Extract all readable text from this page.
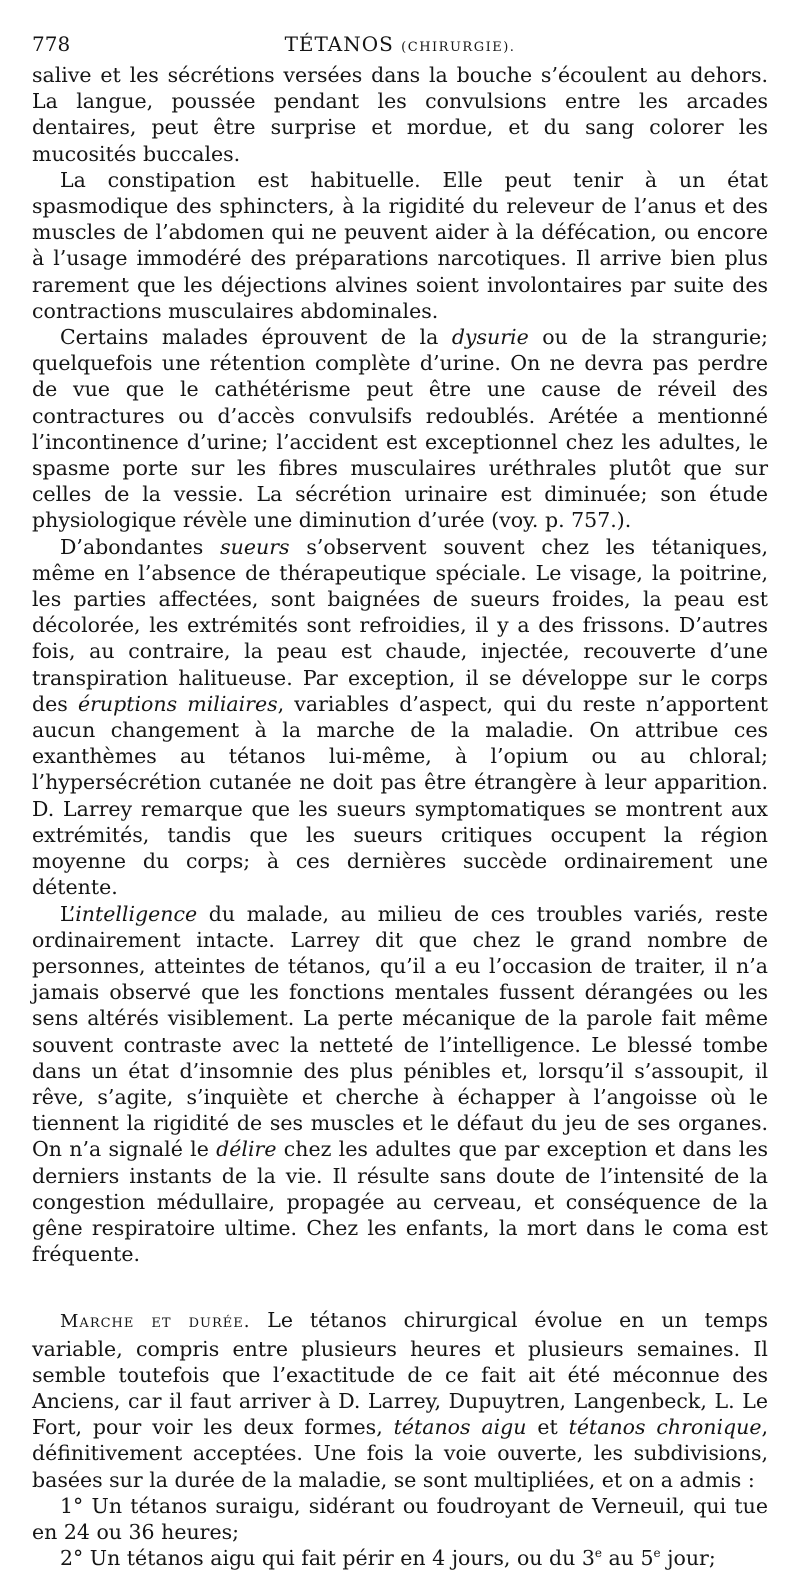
778	TÉTANOS (CHIRURGIE).

salive et les sécrétions versées dans la bouche s’écoulent au dehors. La langue, poussée pendant les convulsions entre les arcades dentaires, peut être surprise et mordue, et du sang colorer les mucosités buccales.

La constipation est habituelle. Elle peut tenir à un état spasmodique des sphincters, à la rigidité du releveur de l’anus et des muscles de l’abdomen qui ne peuvent aider à la défécation, ou encore à l’usage immodéré des préparations narcotiques. Il arrive bien plus rarement que les déjections alvines soient involontaires par suite des contractions musculaires abdominales.

Certains malades éprouvent de la dysurie ou de la strangurie; quelquefois une rétention complète d’urine. On ne devra pas perdre de vue que le cathétérisme peut être une cause de réveil des contractures ou d’accès convulsifs redoublés. Arétée a mentionné l’incontinence d’urine; l’accident est exceptionnel chez les adultes, le spasme porte sur les fibres musculaires uréthrales plutôt que sur celles de la vessie. La sécrétion urinaire est diminuée; son étude physiologique révèle une diminution d’urée (voy. p. 757.).

D’abondantes sueurs s’observent souvent chez les tétaniques, même en l’absence de thérapeutique spéciale. Le visage, la poitrine, les parties affectées, sont baignées de sueurs froides, la peau est décolorée, les extrémités sont refroidies, il y a des frissons. D’autres fois, au contraire, la peau est chaude, injectée, recouverte d’une transpiration halitueuse. Par exception, il se développe sur le corps des éruptions miliaires, variables d’aspect, qui du reste n’apportent aucun changement à la marche de la maladie. On attribue ces exanthèmes au tétanos lui-même, à l’opium ou au chloral; l’hypersécrétion cutanée ne doit pas être étrangère à leur apparition. D. Larrey remarque que les sueurs symptomatiques se montrent aux extrémités, tandis que les sueurs critiques occupent la région moyenne du corps; à ces dernières succède ordinairement une détente.

L’intelligence du malade, au milieu de ces troubles variés, reste ordinairement intacte. Larrey dit que chez le grand nombre de personnes, atteintes de tétanos, qu’il a eu l’occasion de traiter, il n’a jamais observé que les fonctions mentales fussent dérangées ou les sens altérés visiblement. La perte mécanique de la parole fait même souvent contraste avec la netteté de l’intelligence. Le blessé tombe dans un état d’insomnie des plus pénibles et, lorsqu’il s’assoupit, il rêve, s’agite, s’inquiète et cherche à échapper à l’angoisse où le tiennent la rigidité de ses muscles et le défaut du jeu de ses organes. On n’a signalé le délire chez les adultes que par exception et dans les derniers instants de la vie. Il résulte sans doute de l’intensité de la congestion médullaire, propagée au cerveau, et conséquence de la gêne respiratoire ultime. Chez les enfants, la mort dans le coma est fréquente.

Marche et durée. Le tétanos chirurgical évolue en un temps variable, compris entre plusieurs heures et plusieurs semaines. Il semble toutefois que l’exactitude de ce fait ait été méconnue des Anciens, car il faut arriver à D. Larrey, Dupuytren, Langenbeck, L. Le Fort, pour voir les deux formes, tétanos aigu et tétanos chronique, définitivement acceptées. Une fois la voie ouverte, les subdivisions, basées sur la durée de la maladie, se sont multipliées, et on a admis :

1° Un tétanos suraigu, sidérant ou foudroyant de Verneuil, qui tue en 24 ou 36 heures;

2° Un tétanos aigu qui fait périr en 4 jours, ou du 3e au 5e jour;
